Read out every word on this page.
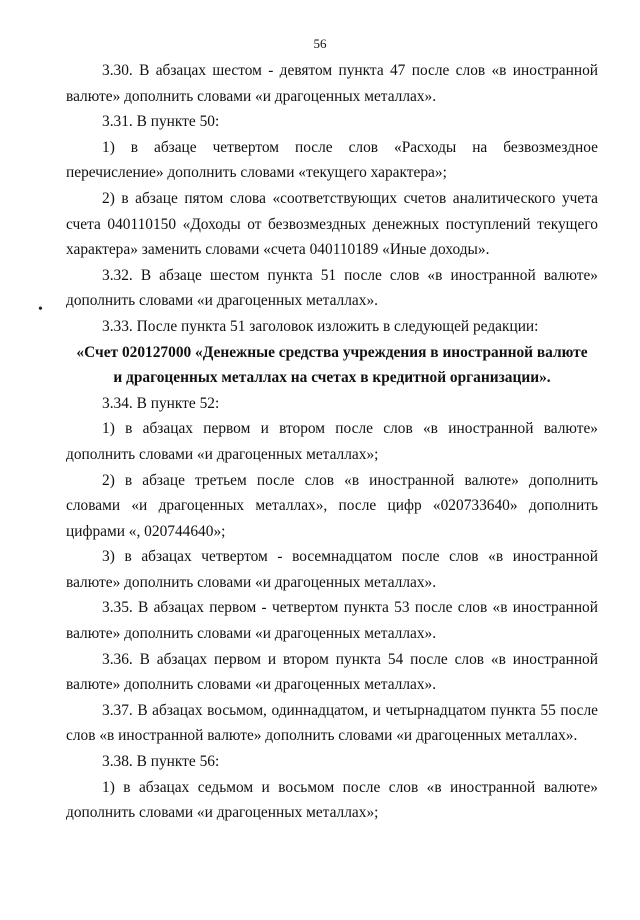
56

3.30. В абзацах шестом - девятом пункта 47 после слов «в иностранной валюте» дополнить словами «и драгоценных металлах».

3.31. В пункте 50:

1) в абзаце четвертом после слов «Расходы на безвозмездное перечисление» дополнить словами «текущего характера»;

2) в абзаце пятом слова «соответствующих счетов аналитического учета счета 040110150 «Доходы от безвозмездных денежных поступлений текущего характера» заменить словами «счета 040110189 «Иные доходы».

3.32. В абзаце шестом пункта 51 после слов «в иностранной валюте» дополнить словами «и драгоценных металлах».

3.33. После пункта 51 заголовок изложить в следующей редакции:

«Счет 020127000 «Денежные средства учреждения в иностранной валюте
и драгоценных металлах на счетах в кредитной организации».

3.34. В пункте 52:

1) в абзацах первом и втором после слов «в иностранной валюте» дополнить словами «и драгоценных металлах»;

2) в абзаце третьем после слов «в иностранной валюте» дополнить словами «и драгоценных металлах», после цифр «020733640» дополнить цифрами «, 020744640»;

3) в абзацах четвертом - восемнадцатом после слов «в иностранной валюте» дополнить словами «и драгоценных металлах».

3.35. В абзацах первом - четвертом пункта 53 после слов «в иностранной валюте» дополнить словами «и драгоценных металлах».

3.36. В абзацах первом и втором пункта 54 после слов «в иностранной валюте» дополнить словами «и драгоценных металлах».

3.37. В абзацах восьмом, одиннадцатом, и четырнадцатом пункта 55 после слов «в иностранной валюте» дополнить словами «и драгоценных металлах».

3.38. В пункте 56:

1) в абзацах седьмом и восьмом после слов «в иностранной валюте» дополнить словами «и драгоценных металлах»;

•
